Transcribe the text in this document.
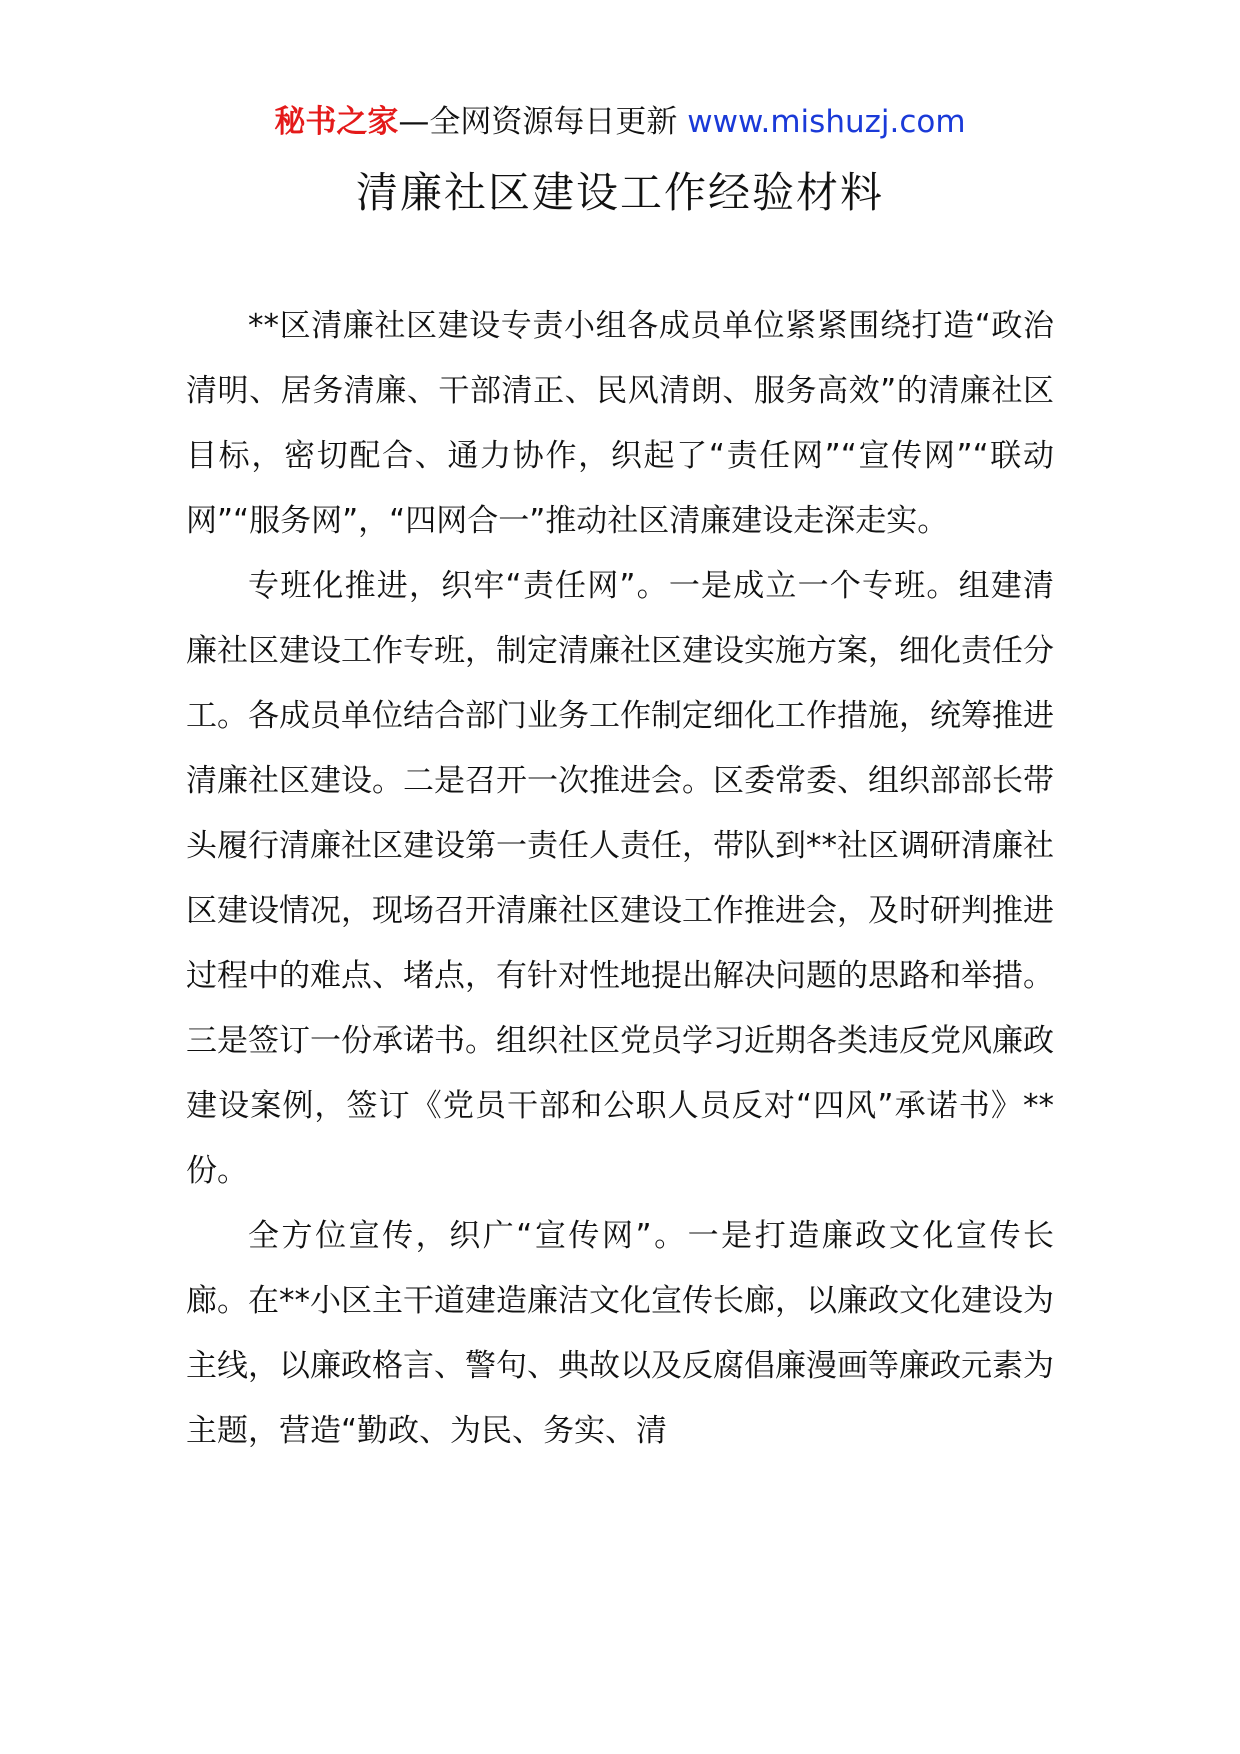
秘书之家—全网资源每日更新 www.mishuzj.com
清廉社区建设工作经验材料

**区清廉社区建设专责小组各成员单位紧紧围绕打造“政治清明、居务清廉、干部清正、民风清朗、服务高效”的清廉社区目标，密切配合、通力协作，织起了“责任网”“宣传网”“联动网”“服务网”，“四网合一”推动社区清廉建设走深走实。

专班化推进，织牢“责任网”。一是成立一个专班。组建清廉社区建设工作专班，制定清廉社区建设实施方案，细化责任分工。各成员单位结合部门业务工作制定细化工作措施，统筹推进清廉社区建设。二是召开一次推进会。区委常委、组织部部长带头履行清廉社区建设第一责任人责任，带队到**社区调研清廉社区建设情况，现场召开清廉社区建设工作推进会，及时研判推进过程中的难点、堵点，有针对性地提出解决问题的思路和举措。三是签订一份承诺书。组织社区党员学习近期各类违反党风廉政建设案例，签订《党员干部和公职人员反对“四风”承诺书》**份。

全方位宣传，织广“宣传网”。一是打造廉政文化宣传长廊。在**小区主干道建造廉洁文化宣传长廊，以廉政文化建设为主线，以廉政格言、警句、典故以及反腐倡廉漫画等廉政元素为主题，营造“勤政、为民、务实、清
